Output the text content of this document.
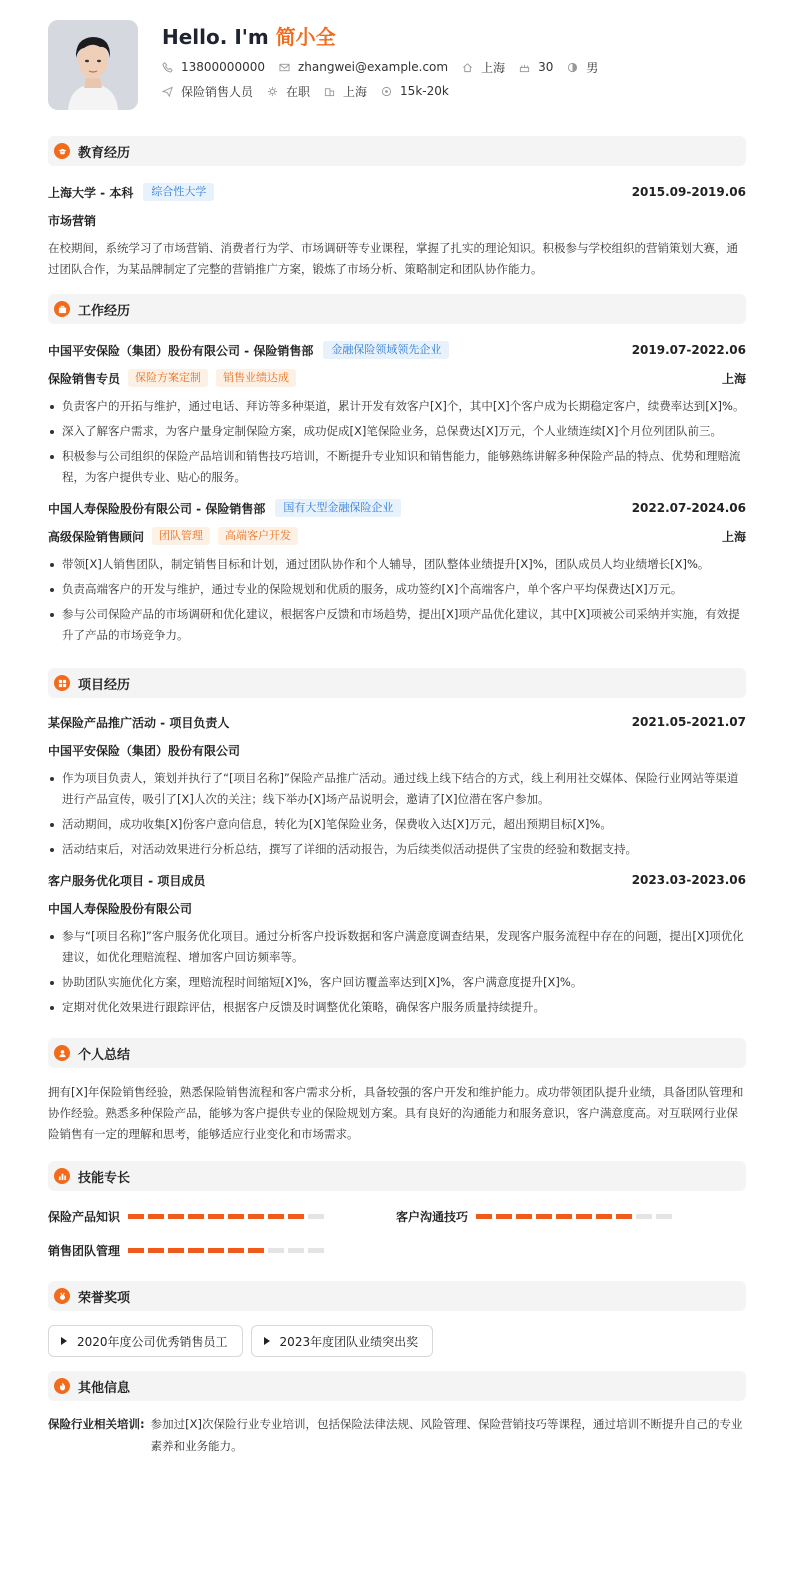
Hello. I'm 简小全
13800000000	zhangwei@example.com	上海	30	男
保险销售人员	在职	上海	15k-20k
教育经历
上海大学 - 本科	综合性大学	2015.09-2019.06
市场营销
在校期间，系统学习了市场营销、消费者行为学、市场调研等专业课程，掌握了扎实的理论知识。积极参与学校组织的营销策划大赛，通过团队合作，为某品牌制定了完整的营销推广方案，锻炼了市场分析、策略制定和团队协作能力。
工作经历
中国平安保险（集团）股份有限公司 - 保险销售部	金融保险领域领先企业	2019.07-2022.06
保险销售专员	保险方案定制	销售业绩达成	上海
负责客户的开拓与维护，通过电话、拜访等多种渠道，累计开发有效客户[X]个，其中[X]个客户成为长期稳定客户，续费率达到[X]%。
深入了解客户需求，为客户量身定制保险方案，成功促成[X]笔保险业务，总保费达[X]万元，个人业绩连续[X]个月位列团队前三。
积极参与公司组织的保险产品培训和销售技巧培训，不断提升专业知识和销售能力，能够熟练讲解多种保险产品的特点、优势和理赔流程，为客户提供专业、贴心的服务。
中国人寿保险股份有限公司 - 保险销售部	国有大型金融保险企业	2022.07-2024.06
高级保险销售顾问	团队管理	高端客户开发	上海
带领[X]人销售团队，制定销售目标和计划，通过团队协作和个人辅导，团队整体业绩提升[X]%，团队成员人均业绩增长[X]%。
负责高端客户的开发与维护，通过专业的保险规划和优质的服务，成功签约[X]个高端客户，单个客户平均保费达[X]万元。
参与公司保险产品的市场调研和优化建议，根据客户反馈和市场趋势，提出[X]项产品优化建议，其中[X]项被公司采纳并实施，有效提升了产品的市场竞争力。
项目经历
某保险产品推广活动 - 项目负责人	2021.05-2021.07
中国平安保险（集团）股份有限公司
作为项目负责人，策划并执行了“[项目名称]”保险产品推广活动。通过线上线下结合的方式，线上利用社交媒体、保险行业网站等渠道进行产品宣传，吸引了[X]人次的关注；线下举办[X]场产品说明会，邀请了[X]位潜在客户参加。
活动期间，成功收集[X]份客户意向信息，转化为[X]笔保险业务，保费收入达[X]万元，超出预期目标[X]%。
活动结束后，对活动效果进行分析总结，撰写了详细的活动报告，为后续类似活动提供了宝贵的经验和数据支持。
客户服务优化项目 - 项目成员	2023.03-2023.06
中国人寿保险股份有限公司
参与“[项目名称]”客户服务优化项目。通过分析客户投诉数据和客户满意度调查结果，发现客户服务流程中存在的问题，提出[X]项优化建议，如优化理赔流程、增加客户回访频率等。
协助团队实施优化方案，理赔流程时间缩短[X]%，客户回访覆盖率达到[X]%，客户满意度提升[X]%。
定期对优化效果进行跟踪评估，根据客户反馈及时调整优化策略，确保客户服务质量持续提升。
个人总结
拥有[X]年保险销售经验，熟悉保险销售流程和客户需求分析，具备较强的客户开发和维护能力。成功带领团队提升业绩，具备团队管理和协作经验。熟悉多种保险产品，能够为客户提供专业的保险规划方案。具有良好的沟通能力和服务意识，客户满意度高。对互联网行业保险销售有一定的理解和思考，能够适应行业变化和市场需求。
技能专长
保险产品知识	客户沟通技巧
销售团队管理
荣誉奖项
2020年度公司优秀销售员工	2023年度团队业绩突出奖
其他信息
保险行业相关培训: 参加过[X]次保险行业专业培训，包括保险法律法规、风险管理、保险营销技巧等课程，通过培训不断提升自己的专业素养和业务能力。
